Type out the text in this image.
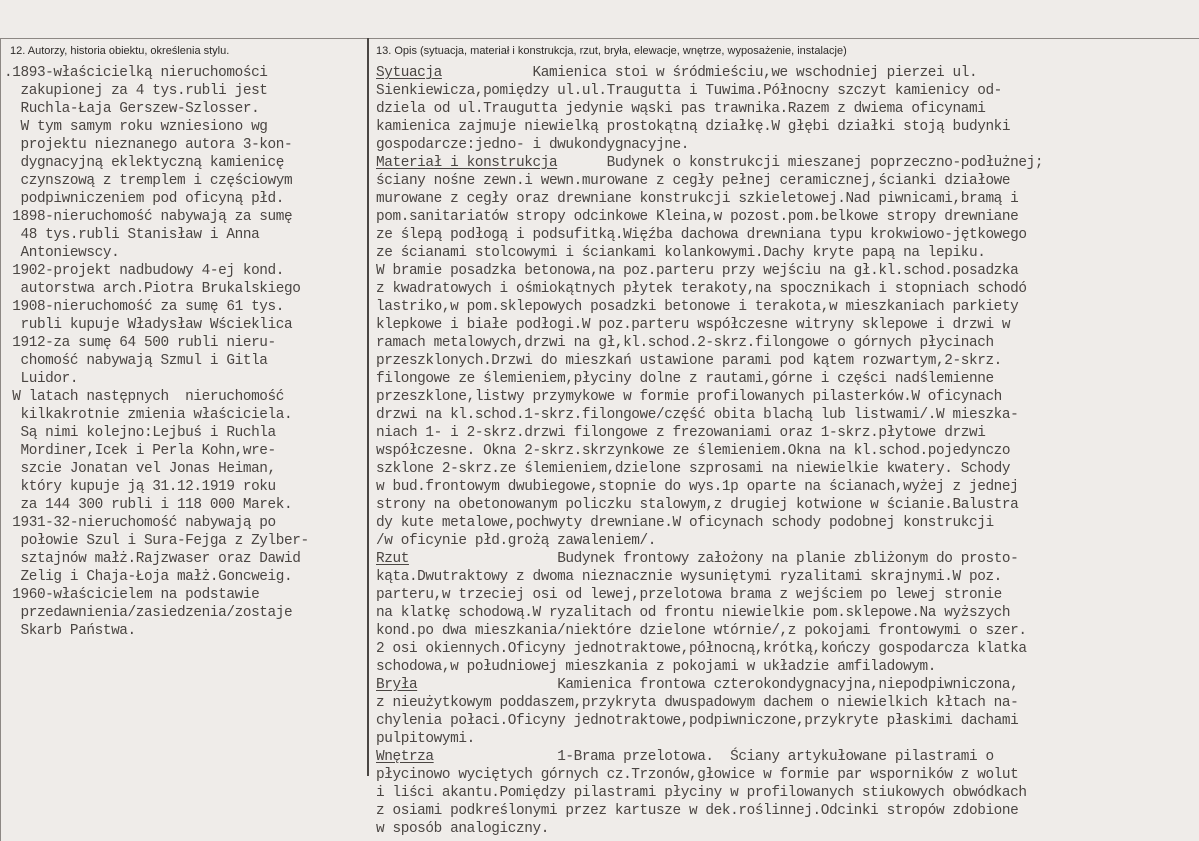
12. Autorzy, historia obiektu, określenia stylu.	13. Opis (sytuacja, materiał i konstrukcja, rzut, bryła, elewacje, wnętrze, wyposażenie, instalacje)
.1893-właścicielką nieruchomości
zakupionej za 4 tys.rubli jest
Ruchla-Łaja Gerszew-Szlosser.
W tym samym roku wzniesiono wg
projektu nieznanego autora 3-kon-
dygnacyjną eklektyczną kamienicę
czynszową z tremplem i częściowym
podpiwniczeniem pod oficyną płd.
1898-nieruchomość nabywają za sumę
48 tys.rubli Stanisław i Anna
Antoniewscy.
1902-projekt nadbudowy 4-ej kond.
autorstwa arch.Piotra Brukalskiego
1908-nieruchomość za sumę 61 tys.
rubli kupuje Władysław Wścieklica
1912-za sumę 64 500 rubli nieru-
chomość nabywają Szmul i Gitla
Luidor.
W latach następnych  nieruchomość
kilkakrotnie zmienia właściciela.
Są nimi kolejno:Lejbuś i Ruchla
Mordiner,Icek i Perla Kohn,wre-
szcie Jonatan vel Jonas Heiman,
który kupuje ją 31.12.1919 roku
za 144 300 rubli i 118 000 Marek.
1931-32-nieruchomość nabywają po
połowie Szul i Sura-Fejga z Zylber-
sztajnów małż.Rajzwaser oraz Dawid
Zelig i Chaja-Łoja małż.Goncweig.
1960-właścicielem na podstawie
przedawnienia/zasiedzenia/zostaje
Skarb Państwa.
Sytuacja           Kamienica stoi w śródmieściu,we wschodniej pierzei ul.
Sienkiewicza,pomiędzy ul.ul.Traugutta i Tuwima.Północny szczyt kamienicy od-
dziela od ul.Traugutta jedynie wąski pas trawnika.Razem z dwiema oficynami
kamienica zajmuje niewielką prostokątną działkę.W głębi działki stoją budynki
gospodarcze:jedno- i dwukondygnacyjne.
Materiał i konstrukcja      Budynek o konstrukcji mieszanej poprzeczno-podłużnej;
ściany nośne zewn.i wewn.murowane z cegły pełnej ceramicznej,ścianki działowe
murowane z cegły oraz drewniane konstrukcji szkieletowej.Nad piwnicami,bramą i
pom.sanitariatów stropy odcinkowe Kleina,w pozost.pom.belkowe stropy drewniane
ze ślepą podłogą i podsufitką.Więźba dachowa drewniana typu krokwiowo-jętkowego
ze ścianami stolcowymi i ściankami kolankowymi.Dachy kryte papą na lepiku.
W bramie posadzka betonowa,na poz.parteru przy wejściu na gł.kl.schod.posadzka
z kwadratowych i ośmiokątnych płytek terakoty,na spocznikach i stopniach schodó
lastriko,w pom.sklepowych posadzki betonowe i terakota,w mieszkaniach parkiety
klepkowe i białe podłogi.W poz.parteru współczesne witryny sklepowe i drzwi w
ramach metalowych,drzwi na gł,kl.schod.2-skrz.filongowe o górnych płycinach
przeszklonych.Drzwi do mieszkań ustawione parami pod kątem rozwartym,2-skrz.
filongowe ze ślemieniem,płyciny dolne z rautami,górne i części nadślemienne
przeszklone,listwy przymykowe w formie profilowanych pilasterków.W oficynach
drzwi na kl.schod.1-skrz.filongowe/część obita blachą lub listwami/.W mieszka-
niach 1- i 2-skrz.drzwi filongowe z frezowaniami oraz 1-skrz.płytowe drzwi
współczesne. Okna 2-skrz.skrzynkowe ze ślemieniem.Okna na kl.schod.pojedynczo
szklone 2-skrz.ze ślemieniem,dzielone szprosami na niewielkie kwatery. Schody
w bud.frontowym dwubiegowe,stopnie do wys.1p oparte na ścianach,wyżej z jednej
strony na obetonowanym policzku stalowym,z drugiej kotwione w ścianie.Balustra
dy kute metalowe,pochwyty drewniane.W oficynach schody podobnej konstrukcji
/w oficynie płd.grożą zawaleniem/.
Rzut                  Budynek frontowy założony na planie zbliżonym do prosto-
kąta.Dwutraktowy z dwoma nieznacznie wysuniętymi ryzalitami skrajnymi.W poz.
parteru,w trzeciej osi od lewej,przelotowa brama z wejściem po lewej stronie
na klatkę schodową.W ryzalitach od frontu niewielkie pom.sklepowe.Na wyższych
kond.po dwa mieszkania/niektóre dzielone wtórnie/,z pokojami frontowymi o szer.
2 osi okiennych.Oficyny jednotraktowe,północną,krótką,kończy gospodarcza klatka
schodowa,w południowej mieszkania z pokojami w układzie amfiladowym.
Bryła                 Kamienica frontowa czterokondygnacyjna,niepodpiwniczona,
z nieużytkowym poddaszem,przykryta dwuspadowym dachem o niewielkich kłtach na-
chylenia połaci.Oficyny jednotraktowe,podpiwniczone,przykryte płaskimi dachami
pulpitowymi.
Wnętrza               1-Brama przelotowa.  Ściany artykułowane pilastrami o
płycinowo wyciętych górnych cz.Trzonów,głowice w formie par wsporników z wolut
i liści akantu.Pomiędzy pilastrami płyciny w profilowanych stiukowych obwódkach
z osiami podkreślonymi przez kartusze w dek.roślinnej.Odcinki stropów zdobione
w sposób analogiczny.
